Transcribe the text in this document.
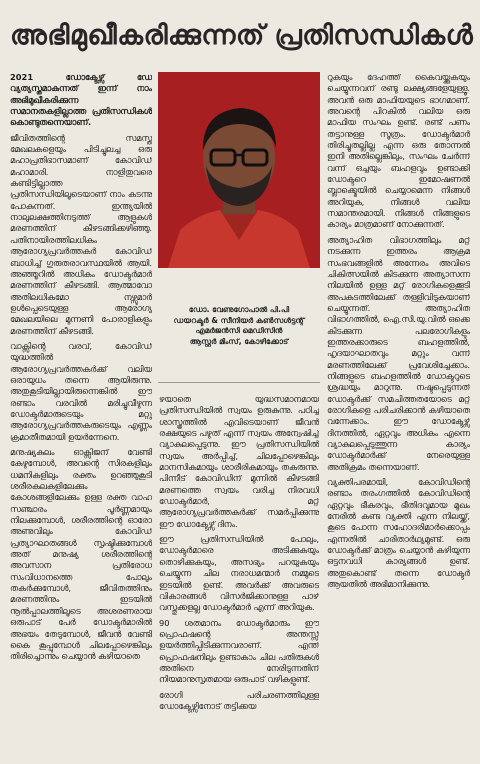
അഭിമുഖീകരിക്കുന്നത് പ്രതിസന്ധികൾ

2021 ഡോക്ടേഴ്സ് ഡേ വ്യത്യസ്തമാകുന്നത് ഇന്ന് നാം അഭിമുഖീകരിക്കുന്ന സമാനതകളില്ലാത്ത പ്രതിസന്ധികൾ കൊണ്ടുതന്നെയാണ്.

ജീവിതത്തിന്റെ സമസ്ത മേഖലകളെയും പിടിച്ചുലച്ച ഒരു മഹാപ്രതിഭാസമാണ് കോവിഡ് മഹാമാരി. നാളിതുവരെ കണ്ടിട്ടില്ലാത്ത പ്രതിസന്ധിയിലൂടെയാണ് നാം കടന്നു പോകുന്നത്. ഇന്ത്യയിൽ നാലുലക്ഷത്തിനടുത്ത് ആളുകൾ മരണത്തിന് കീഴടങ്ങിക്കഴിഞ്ഞു. പതിനായിരത്തിലധികം ആരോഗ്യപ്രവർത്തകർ കോവിഡ് ബാധിച്ച് ഗുരുതരാവസ്ഥയിൽ ആയി. അഞ്ഞൂറിൽ അധികം ഡോക്ടർമാർ മരണത്തിന് കീഴടങ്ങി. ആത്മാവോ അതിലധികമോ നഴ്സുമാർ ഉൾപ്പെടെയുള്ള ആരോഗ്യ മേഖലയിലെ മുന്നണി പോരാളികളും മരണത്തിന് കീഴടങ്ങി.

വാക്സിന്റെ വരവ്, കോവിഡ് യുദ്ധത്തിൽ ആരോഗ്യപ്രവർത്തകർക്ക് വലിയ ഒരായുധം തന്നെ ആയിരുന്നു. അതുകൂടിയില്ലായിരുന്നെങ്കിൽ ഈ രണ്ടാം വരവിൽ മരിച്ചുവീഴുന്ന ഡോക്ടർമാരുടെയും മറ്റു ആരോഗ്യപ്രവർത്തകരുടെയും എണ്ണം ക്രമാതീതമായി ഉയർന്നേനെ.

മനുഷ്യകുലം ഓക്സിജന് വേണ്ടി കേഴുമ്പോൾ, അവന്റെ സിരകളിലും ധമനികളിലും രക്തം ഉറഞ്ഞുകൂടി ശരീരകലകളിലേക്കും കോശങ്ങളിലേക്കും ഉള്ള രക്ത വാഹ സഞ്ചാരം പൂർണ്ണമായും നിലക്കുമ്പോൾ, ശരീരത്തിന്റെ ഓരോ അണുവിലും കോവിഡ് പ്രത്യാഘാതങ്ങൾ സൃഷ്ടിക്കുമ്പോൾ അത് മനുഷ്യ ശരീരത്തിന്റെ അവസാന പ്രതിരോധ സംവിധാനത്തെ പോലും തകർക്കുമ്പോൾ, ജീവിതത്തിനും മരണത്തിനും ഇടയിൽ നൂൽപ്പാലത്തിലൂടെ അശരണരായ ഒരുപാട് പേർ ഡോക്ടർമാരിൽ അഭയം തേടുമ്പോൾ, ജീവൻ വേണ്ടി കൈ കൂപ്പുമ്പോൾ ചിലപ്പോഴെങ്കിലും തിരിച്ചൊന്നും ചെയ്യാൻ കഴിയാതെ

ഡോ. വേണുഗോപാൽ പി.പി
ഡയറക്ടർ & സീനിയർ കൺസൾട്ടന്റ്
എമർജൻസി മെഡിസിൻ
ആസ്റ്റർ മിംസ്, കോഴിക്കോട്

ഴയാതെ യുദ്ധസമാനമായ പ്രതിസന്ധിയിൽ സ്വയം ഉരുകുന്നു. പഠിച്ച ശാസ്ത്രത്തിൽ എവിടെയാണ് ജീവൻ രക്ഷയുടെ പഴുത് എന്ന് സ്വയം അന്വേഷിച്ച് വ്യാകുലപ്പെടുന്നു. ഈ പ്രതിസന്ധിയിൽ സ്വയം അർപ്പിച്ച്, ചിലപ്പോഴെങ്കിലും മാനസികമായും ശാരീരികമായും തകരുന്നു. പിന്നീട് കോവിഡിന് മുന്നിൽ കീഴടങ്ങി മരണത്തെ സ്വയം വരിച്ച നിരവധി ഡോക്ടർമാർ, മറ്റ് ആരോഗ്യപ്രവർത്തകർക്ക് സമർപ്പിക്കുന്നു ഈ ഡോക്ടേഴ്സ് ദിനം.

ഈ പ്രതിസന്ധിയിൽ പോലും, ഡോക്ടർമാരെ അടിക്കുകയും തൊഴിക്കുകയും, അസഭ്യം പറയുകയും ചെയ്യുന്ന ചില നരാധമന്മാർ നമ്മുടെ ഇടയിൽ ഉണ്ട്. അവർക്ക് അവരുടെ വികാരങ്ങൾ വിസർജിക്കാനുള്ള പാഴ് വസ്തുക്കളല്ല ഡോക്ടർമാർ എന്ന് അറിയുക.

90 ശതമാനം ഡോക്ടർമാരും ഈ പ്രൊഫഷന്റെ അന്തസ്സ് ഉയർത്തിപ്പിടിക്കുന്നവരാണ്. എന്ത് പ്രൊഫഷനിലും ഉണ്ടാകാം ചില പതിരുകൾ അതിനെ നേരിടുന്നതിന് നിയമാനുസൃതമായ ഒരുപാട് വഴികളുണ്ട്.

രോഗി പരിചരണത്തിലുള്ള ഡോക്ടേഴ്സിനോട് തട്ടിക്കയ

റുകയും ദേഹത്ത് കൈവയ്ക്കുകയും ചെയ്യുന്നവന് രണ്ടു ലക്ഷ്യങ്ങളേയുള്ളൂ. അവൻ ഒരു മാഫിയയുടെ ഭാഗമാണ്. അവന്റെ പിറകിൽ വലിയ ഒരു മാഫിയ സംഘം ഉണ്ട്. രണ്ട് പണം തട്ടാനുള്ള സൂത്രം. ഡോക്ടർമാർ തിരിച്ചുതല്ലില്ല എന്ന ഒരു തോന്നൽ ഇനി അതില്ലെങ്കിലും, സംഘം ചേർന്ന് വന്ന് ഒച്ചയും ബഹളവും ഉണ്ടാക്കി ഡോക്ടറെ ഇമോഷണൽ ബ്ലാക്ക്മെയിൽ ചെയ്യാമെന്ന നിങ്ങൾ അറിയുക, നിങ്ങൾ വലിയ സമാന്തരമായി. നിങ്ങൾ നിങ്ങളുടെ കാര്യം മാത്രമാണ് നോക്കുന്നത്.

അത്യാഹിത വിഭാഗത്തിലും മറ്റ് നടക്കുന്ന ഇത്തരം ആക്രമ സംഭവങ്ങളിൽ അന്നേരം അവിടെ ചികിത്സയിൽ കിടക്കുന്ന അത്യാസന്ന നിലയിൽ ഉള്ള മറ്റ് രോഗികളെക്കൂടി അപകടത്തിലേക്ക് തള്ളിവിടുകയാണ് ചെയ്യുന്നത്. അത്യാഹിത വിഭാഗത്തിൽ, ഐ.സി.യു.വിൽ ഒക്കെ കിടക്കുന്ന പലരോഗികളും ഇത്തരക്കാരുടെ ബഹളത്തിൽ, ഹൃദയാഘാതവും മറ്റും വന്ന് മരണത്തിലേക്ക് പ്രവേശിച്ചേക്കാം. നിങ്ങളുടെ ബഹളത്തിൽ ഡോക്ടറുടെ ശ്രദ്ധയും മാറുന്നു. നഷ്ടപ്പെടുന്നത് ഡോക്ടർക്ക് സമചിത്തതയോടെ മറ്റ് രോഗികളെ പരിചരിക്കാൻ കഴിയാതെ വന്നേക്കാം. ഈ ഡോക്ടേഴ്സ് ദിനത്തിൽ, ഏറ്റവും അധികം എന്നെ വ്യാകുലപ്പെടുത്തുന്ന കാര്യം ഡോക്ടർമാർക്ക് നേരെയുള്ള അതിക്രമം തന്നെയാണ്.

വ്യക്തിപരമായി, കോവിഡിന്റെ രണ്ടാം തരംഗത്തിൽ കോവിഡിന്റെ ഏറ്റവും ഭീകരവും, ഭീതിദവുമായ മുഖം നേരിൽ കണ്ട വ്യക്തി എന്ന നിലയ്ക്ക്, കൂടെ പോന്ന സഹോദരിമാർക്കൊപ്പം എന്നതിൽ ചാരിതാർഥ്യമുണ്ട്. ഒരു ഡോക്ടർക്ക് മാത്രം ചെയ്യാൻ കഴിയുന്ന ഒട്ടനവധി കാര്യങ്ങൾ ഉണ്ട്. അതുകൊണ്ട് തന്നെ ഡോക്ടർ ആയതിൽ അഭിമാനിക്കുന്നു.
